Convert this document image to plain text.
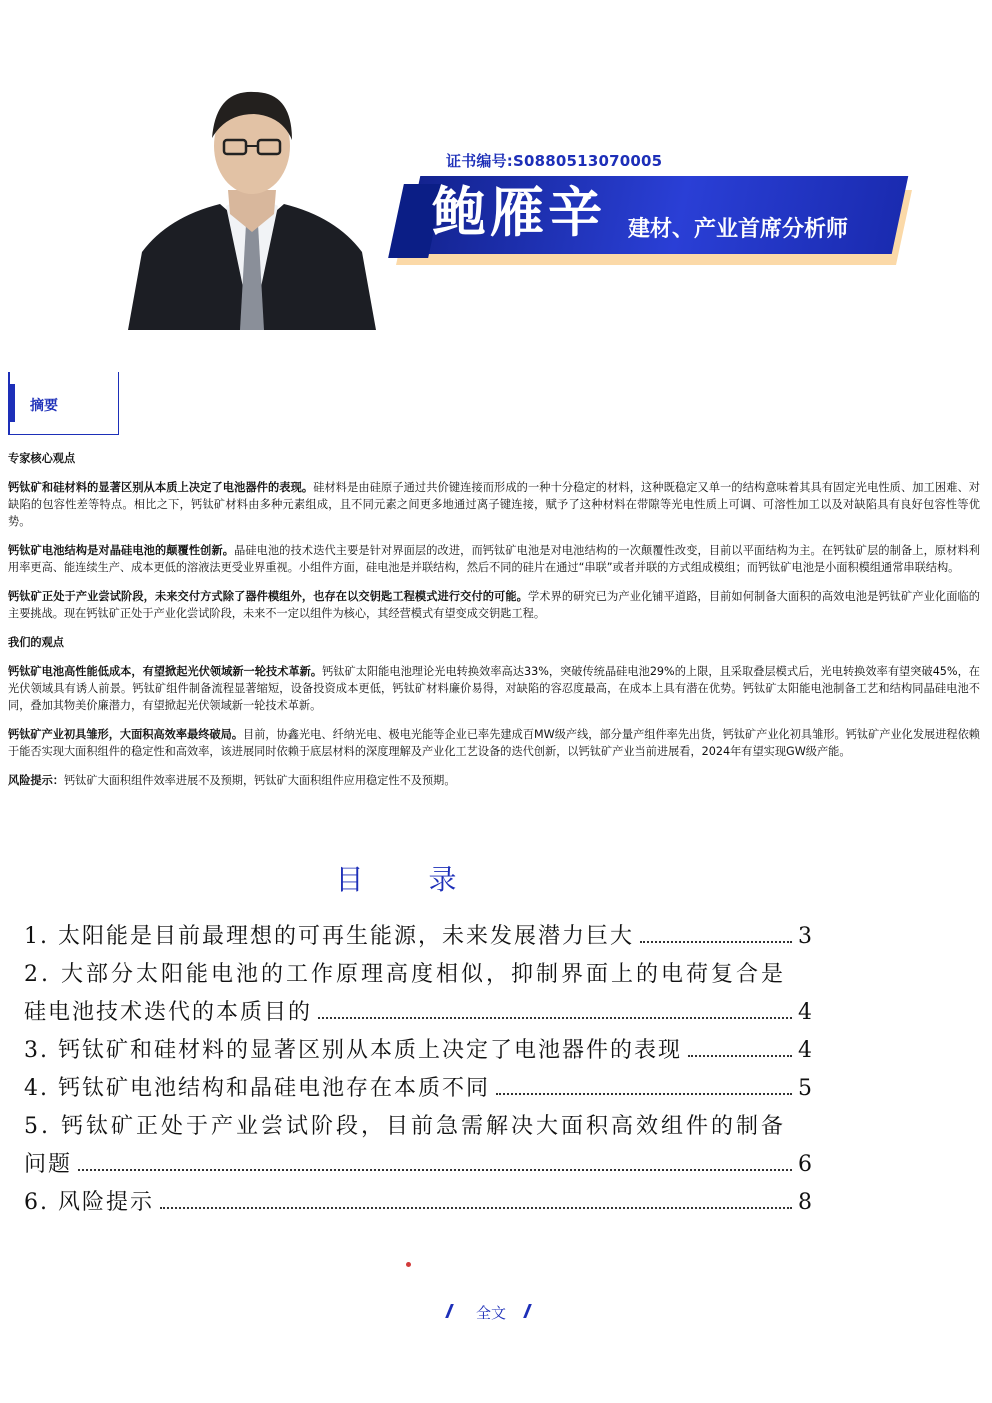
证书编号:S0880513070005
鲍雁辛 建材、产业首席分析师
摘要
专家核心观点

钙钛矿和硅材料的显著区别从本质上决定了电池器件的表现。硅材料是由硅原子通过共价键连接而形成的一种十分稳定的材料，这种既稳定又单一的结构意味着其具有固定光电性质、加工困难、对缺陷的包容性差等特点。相比之下，钙钛矿材料由多种元素组成，且不同元素之间更多地通过离子键连接，赋予了这种材料在带隙等光电性质上可调、可溶性加工以及对缺陷具有良好包容性等优势。

钙钛矿电池结构是对晶硅电池的颠覆性创新。晶硅电池的技术迭代主要是针对界面层的改进，而钙钛矿电池是对电池结构的一次颠覆性改变，目前以平面结构为主。在钙钛矿层的制备上，原材料利用率更高、能连续生产、成本更低的溶液法更受业界重视。小组件方面，硅电池是并联结构，然后不同的硅片在通过“串联”或者并联的方式组成模组；而钙钛矿电池是小面积模组通常串联结构。

钙钛矿正处于产业尝试阶段，未来交付方式除了器件模组外，也存在以交钥匙工程模式进行交付的可能。学术界的研究已为产业化铺平道路，目前如何制备大面积的高效电池是钙钛矿产业化面临的主要挑战。现在钙钛矿正处于产业化尝试阶段，未来不一定以组件为核心，其经营模式有望变成交钥匙工程。

我们的观点

钙钛矿电池高性能低成本，有望掀起光伏领域新一轮技术革新。钙钛矿太阳能电池理论光电转换效率高达33%，突破传统晶硅电池29%的上限，且采取叠层模式后，光电转换效率有望突破45%，在光伏领域具有诱人前景。钙钛矿组件制备流程显著缩短，设备投资成本更低，钙钛矿材料廉价易得，对缺陷的容忍度最高，在成本上具有潜在优势。钙钛矿太阳能电池制备工艺和结构同晶硅电池不同，叠加其物美价廉潜力，有望掀起光伏领域新一轮技术革新。

钙钛矿产业初具雏形，大面积高效率最终破局。目前，协鑫光电、纤纳光电、极电光能等企业已率先建成百MW级产线，部分量产组件率先出货，钙钛矿产业化初具雏形。钙钛矿产业化发展进程依赖于能否实现大面积组件的稳定性和高效率，该进展同时依赖于底层材料的深度理解及产业化工艺设备的迭代创新，以钙钛矿产业当前进展看，2024年有望实现GW级产能。

风险提示：钙钛矿大面积组件效率进展不及预期，钙钛矿大面积组件应用稳定性不及预期。

目 录
1. 太阳能是目前最理想的可再生能源，未来发展潜力巨大	3
2. 大部分太阳能电池的工作原理高度相似，抑制界面上的电荷复合是
硅电池技术迭代的本质目的	4
3. 钙钛矿和硅材料的显著区别从本质上决定了电池器件的表现	4
4. 钙钛矿电池结构和晶硅电池存在本质不同	5
5. 钙钛矿正处于产业尝试阶段，目前急需解决大面积高效组件的制备
问题	6
6. 风险提示	8
全文
